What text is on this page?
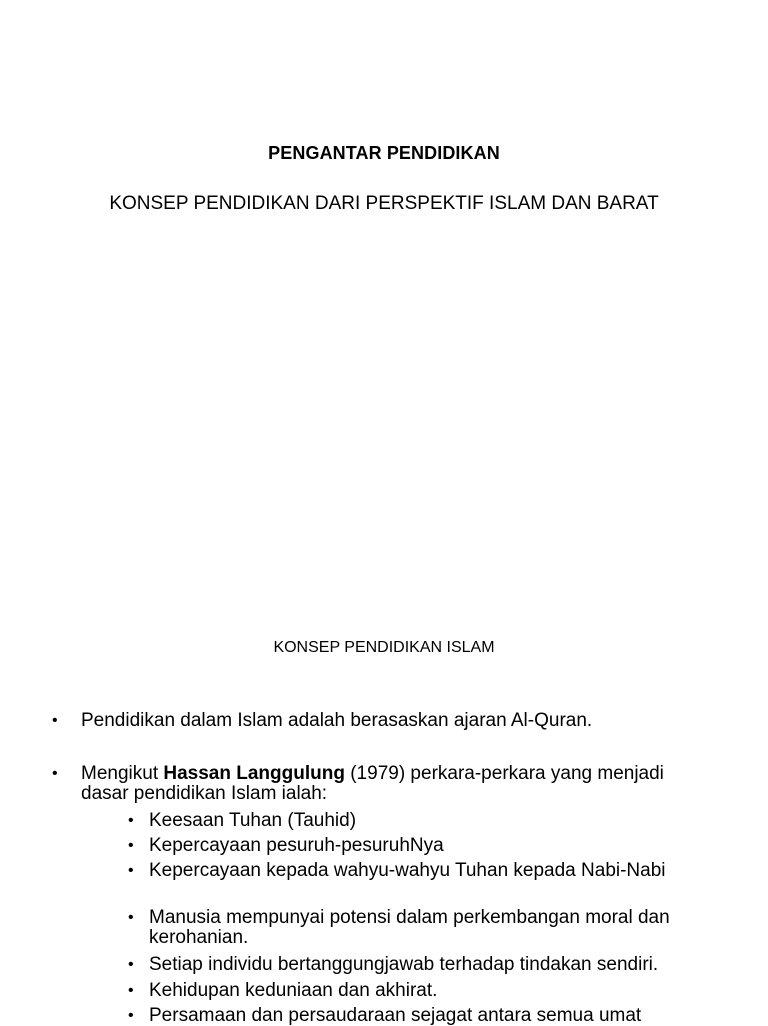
PENGANTAR PENDIDIKAN
KONSEP PENDIDIKAN DARI PERSPEKTIF ISLAM DAN BARAT
KONSEP PENDIDIKAN ISLAM
• Pendidikan dalam Islam adalah berasaskan ajaran Al-Quran.
• Mengikut Hassan Langgulung (1979) perkara-perkara yang menjadi dasar pendidikan Islam ialah:
• Keesaan Tuhan (Tauhid)
• Kepercayaan pesuruh-pesuruhNya
• Kepercayaan kepada wahyu-wahyu Tuhan kepada Nabi-Nabi
• Manusia mempunyai potensi dalam perkembangan moral dan kerohanian.
• Setiap individu bertanggungjawab terhadap tindakan sendiri.
• Kehidupan keduniaan dan akhirat.
• Persamaan dan persaudaraan sejagat antara semua umat
